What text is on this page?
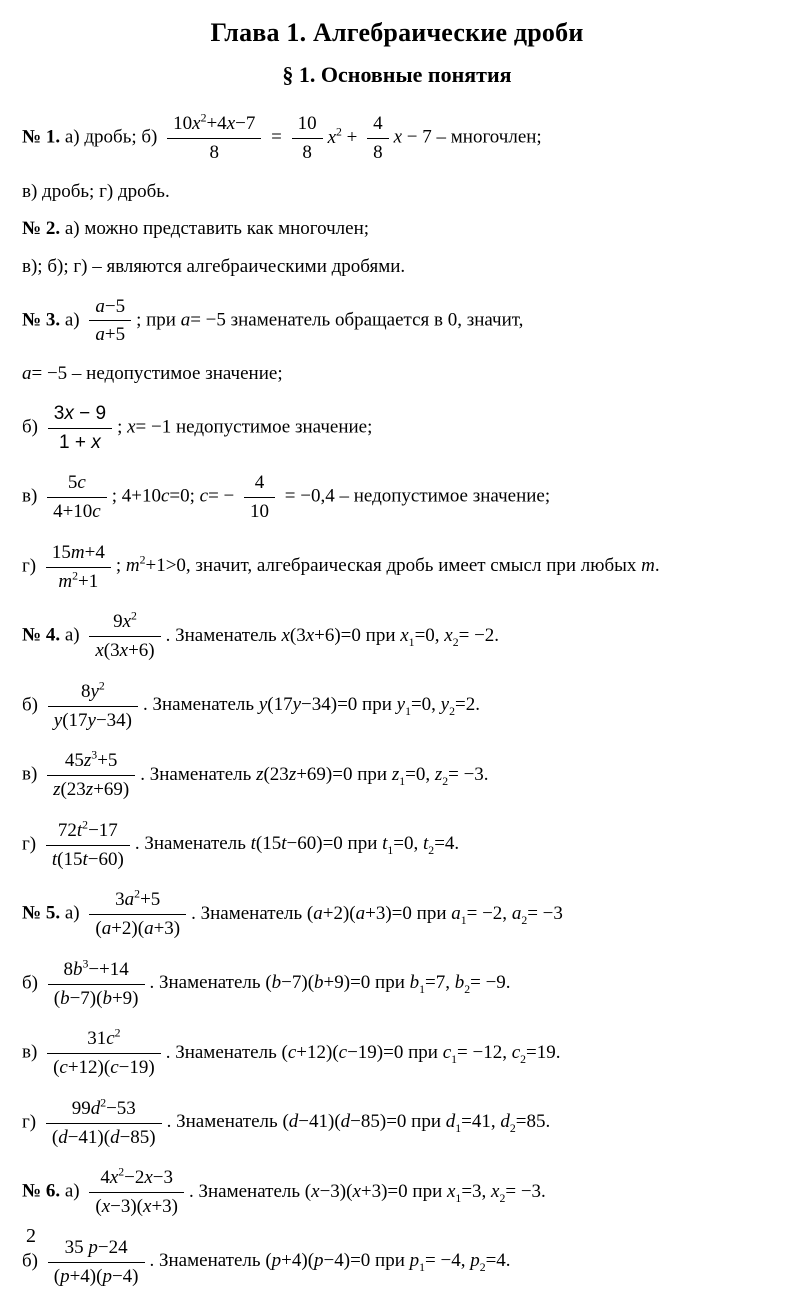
Глава 1. Алгебраические дроби
§ 1. Основные понятия
№ 1. а) дробь; $б) \frac{10x^2+4x-7}{8} = \frac{10}{8} x^2 + \frac{4}{8}$ x − 7 – многочлен;
в) дробь; г) дробь.
№ 2. а) можно представить как многочлен;
в); б); г) – являются алгебраическими дробями.
№ 3. $а) \frac{a-5}{a+5}$ ; при a= −5 знаменатель обращается в 0, значит,
a= −5 – недопустимое значение;
$б) \frac{3x - 9}{1 + x}$ ; x= −1 недопустимое значение;
$в) \frac{5c}{4+10c}$ ; 4+10c=0; $c= - \frac{4}{10} = -0,4$ – недопустимое значение;
$г) \frac{15m+4}{m^2+1}$ ; $m^2+1>0$, значит, алгебраическая дробь имеет смысл при любых m.
№ 4. $а) \frac{9x^2}{x(3x+6)}$ . Знаменатель x(3x+6)=0 при $x_1=0$, $x_2= -2$.
$б) \frac{8y^2}{y(17y-34)}$ . Знаменатель y(17y−34)=0 при $y_1=0$, $y_2=2$.
$в) \frac{45z^3+5}{z(23z+69)}$ . Знаменатель z(23z+69)=0 при $z_1=0$, $z_2= -3$.
$г) \frac{72t^2-17}{t(15t-60)}$ . Знаменатель t(15t−60)=0 при $t_1=0$, $t_2=4$.
№ 5. $а) \frac{3a^2+5}{(a+2)(a+3)}$ . Знаменатель (a+2)(a+3)=0 при $a_1= -2$, $a_2= -3$
$б) \frac{8b^3-+14}{(b-7)(b+9)}$ . Знаменатель (b−7)(b+9)=0 при $b_1=7$, $b_2= -9$.
$в) \frac{31c^2}{(c+12)(c-19)}$ . Знаменатель (c+12)(c−19)=0 при $c_1= -12$, $c_2=19$.
$г) \frac{99d^2-53}{(d-41)(d-85)}$ . Знаменатель (d−41)(d−85)=0 при $d_1=41$, $d_2=85$.
№ 6. $а) \frac{4x^2-2x-3}{(x-3)(x+3)}$ . Знаменатель (x−3)(x+3)=0 при $x_1=3$, $x_2= -3$.
$б) \frac{35 p-24}{(p+4)(p-4)}$ . Знаменатель (p+4)(p−4)=0 при $p_1= -4$, $p_2=4$.
2
